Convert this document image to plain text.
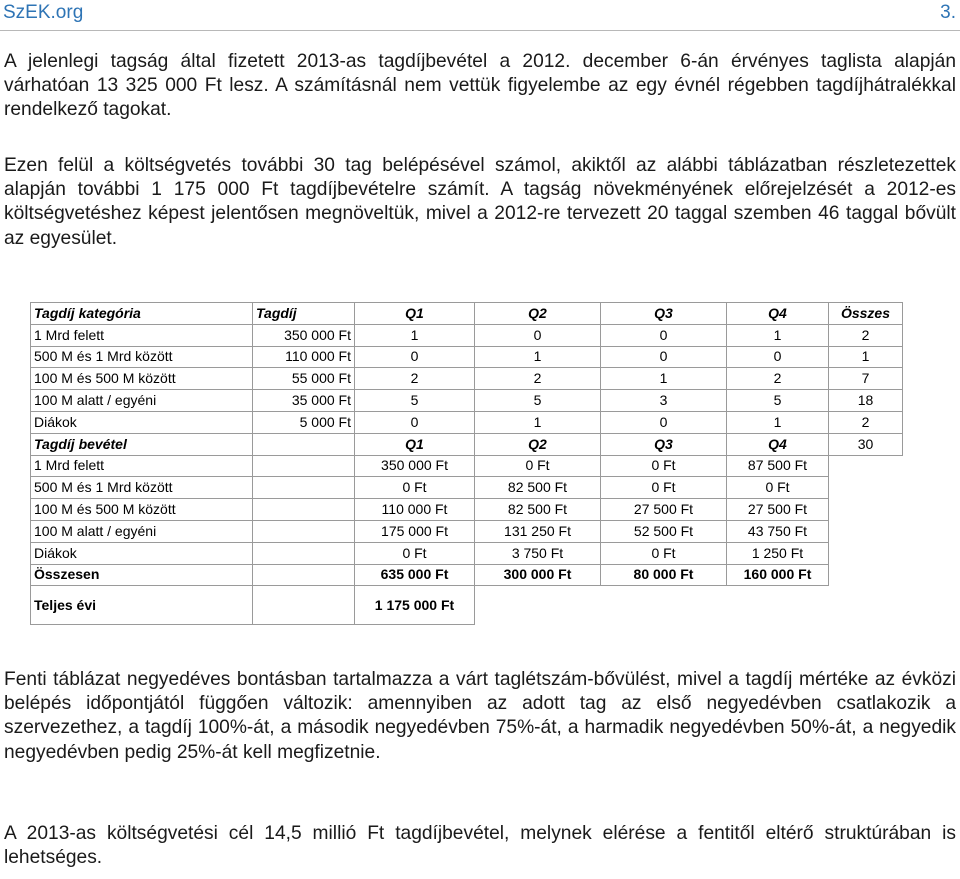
SzEK.org	3.

A jelenlegi tagság által fizetett 2013-as tagdíjbevétel a 2012. december 6-án érvényes taglista alapján várhatóan 13 325 000 Ft lesz. A számításnál nem vettük figyelembe az egy évnél régebben tagdíjhátralékkal rendelkező tagokat.

Ezen felül a költségvetés további 30 tag belépésével számol, akiktől az alábbi táblázatban részletezettek alapján további 1 175 000 Ft tagdíjbevételre számít. A tagság növekményének előrejelzését a 2012-es költségvetéshez képest jelentősen megnöveltük, mivel a 2012-re tervezett 20 taggal szemben 46 taggal bővült az egyesület.

Tagdíj kategória	Tagdíj	Q1	Q2	Q3	Q4	Összes
1 Mrd felett	350 000 Ft	1	0	0	1	2
500 M és 1 Mrd között	110 000 Ft	0	1	0	0	1
100 M és 500 M között	55 000 Ft	2	2	1	2	7
100 M alatt / egyéni	35 000 Ft	5	5	3	5	18
Diákok	5 000 Ft	0	1	0	1	2
Tagdíj bevétel		Q1	Q2	Q3	Q4	30
1 Mrd felett		350 000 Ft	0 Ft	0 Ft	87 500 Ft	
500 M és 1 Mrd között		0 Ft	82 500 Ft	0 Ft	0 Ft	
100 M és 500 M között		110 000 Ft	82 500 Ft	27 500 Ft	27 500 Ft	
100 M alatt / egyéni		175 000 Ft	131 250 Ft	52 500 Ft	43 750 Ft	
Diákok		0 Ft	3 750 Ft	0 Ft	1 250 Ft	
Összesen		635 000 Ft	300 000 Ft	80 000 Ft	160 000 Ft	
Teljes évi		1 175 000 Ft				

Fenti táblázat negyedéves bontásban tartalmazza a várt taglétszám-bővülést, mivel a tagdíj mértéke az évközi belépés időpontjától függően változik: amennyiben az adott tag az első negyedévben csatlakozik a szervezethez, a tagdíj 100%-át, a második negyedévben 75%-át, a harmadik negyedévben 50%-át, a negyedik negyedévben pedig 25%-át kell megfizetnie.

A 2013-as költségvetési cél 14,5 millió Ft tagdíjbevétel, melynek elérése a fentitől eltérő struktúrában is lehetséges.
